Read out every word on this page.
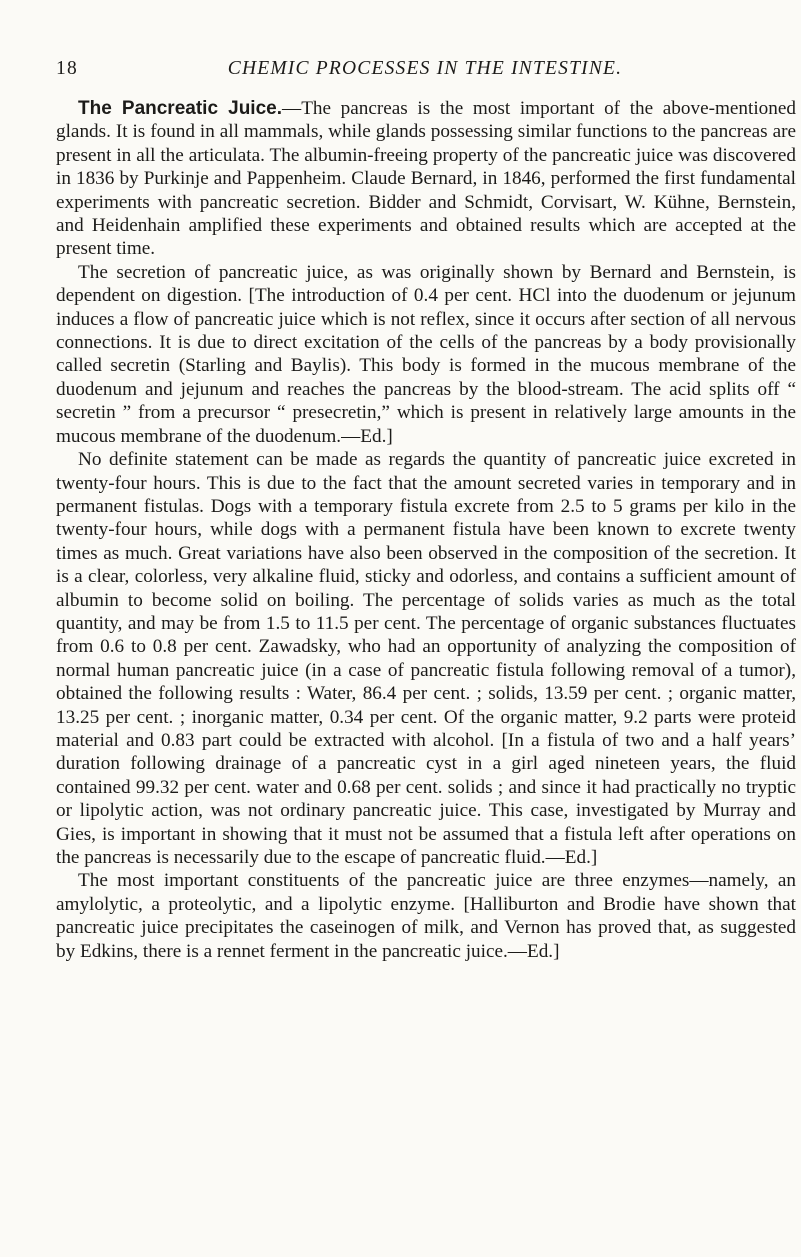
18	CHEMIC PROCESSES IN THE INTESTINE.

The Pancreatic Juice.—The pancreas is the most important of the above-mentioned glands. It is found in all mammals, while glands possessing similar functions to the pancreas are present in all the articulata. The albumin-freeing property of the pancreatic juice was discovered in 1836 by Purkinje and Pappenheim. Claude Bernard, in 1846, performed the first fundamental experiments with pancreatic secretion. Bidder and Schmidt, Corvisart, W. Kühne, Bernstein, and Heidenhain amplified these experiments and obtained results which are accepted at the present time.

The secretion of pancreatic juice, as was originally shown by Bernard and Bernstein, is dependent on digestion. [The introduction of 0.4 per cent. HCl into the duodenum or jejunum induces a flow of pancreatic juice which is not reflex, since it occurs after section of all nervous connections. It is due to direct excitation of the cells of the pancreas by a body provisionally called secretin (Starling and Baylis). This body is formed in the mucous membrane of the duodenum and jejunum and reaches the pancreas by the blood-stream. The acid splits off “ secretin ” from a precursor “ presecretin,” which is present in relatively large amounts in the mucous membrane of the duodenum.—Ed.]

No definite statement can be made as regards the quantity of pancreatic juice excreted in twenty-four hours. This is due to the fact that the amount secreted varies in temporary and in permanent fistulas. Dogs with a temporary fistula excrete from 2.5 to 5 grams per kilo in the twenty-four hours, while dogs with a permanent fistula have been known to excrete twenty times as much. Great variations have also been observed in the composition of the secretion. It is a clear, colorless, very alkaline fluid, sticky and odorless, and contains a sufficient amount of albumin to become solid on boiling. The percentage of solids varies as much as the total quantity, and may be from 1.5 to 11.5 per cent. The percentage of organic substances fluctuates from 0.6 to 0.8 per cent. Zawadsky, who had an opportunity of analyzing the composition of normal human pancreatic juice (in a case of pancreatic fistula following removal of a tumor), obtained the following results : Water, 86.4 per cent. ; solids, 13.59 per cent. ; organic matter, 13.25 per cent. ; inorganic matter, 0.34 per cent. Of the organic matter, 9.2 parts were proteid material and 0.83 part could be extracted with alcohol. [In a fistula of two and a half years’ duration following drainage of a pancreatic cyst in a girl aged nineteen years, the fluid contained 99.32 per cent. water and 0.68 per cent. solids ; and since it had practically no tryptic or lipolytic action, was not ordinary pancreatic juice. This case, investigated by Murray and Gies, is important in showing that it must not be assumed that a fistula left after operations on the pancreas is necessarily due to the escape of pancreatic fluid.—Ed.]

The most important constituents of the pancreatic juice are three enzymes—namely, an amylolytic, a proteolytic, and a lipolytic enzyme. [Halliburton and Brodie have shown that pancreatic juice precipitates the caseinogen of milk, and Vernon has proved that, as suggested by Edkins, there is a rennet ferment in the pancreatic juice.—Ed.]
